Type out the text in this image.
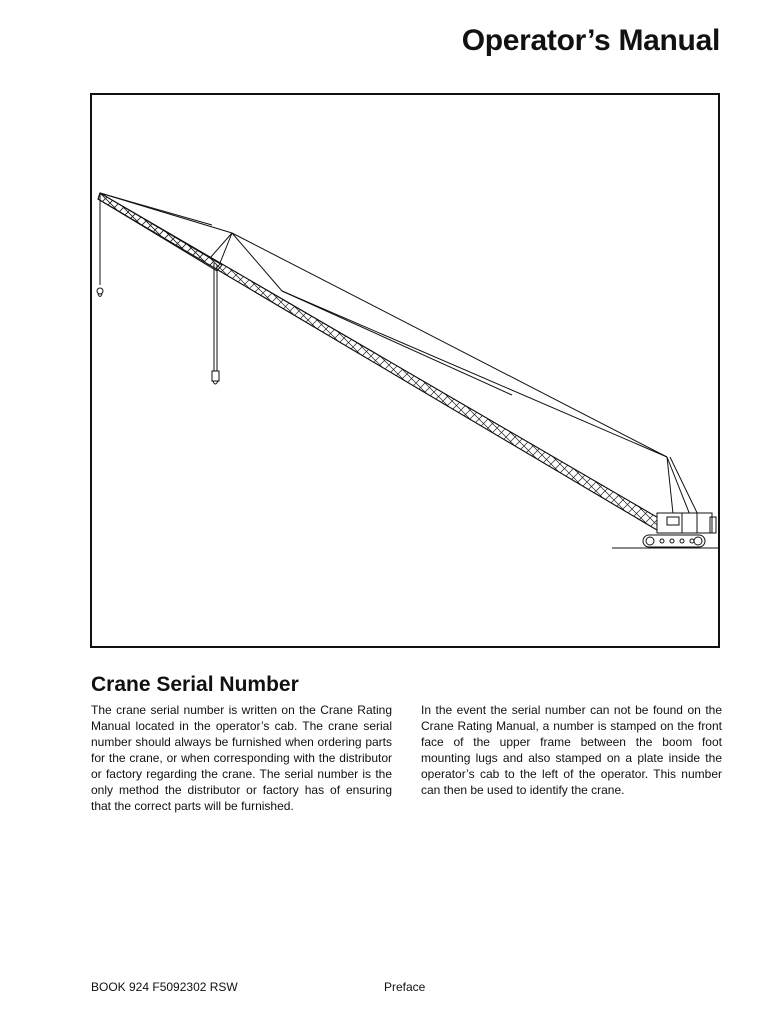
Operator’s Manual
Crane Serial Number

The crane serial number is written on the Crane Rating Manual located in the operator’s cab. The crane serial number should always be furnished when ordering parts for the crane, or when corresponding with the distributor or factory regarding the crane. The serial number is the only method the distributor or factory has of ensuring that the correct parts will be furnished.

In the event the serial number can not be found on the Crane Rating Manual, a number is stamped on the front face of the upper frame between the boom foot mounting lugs and also stamped on a plate inside the operator’s cab to the left of the operator. This number can then be used to identify the crane.

BOOK 924 F5092302 RSW	Preface
